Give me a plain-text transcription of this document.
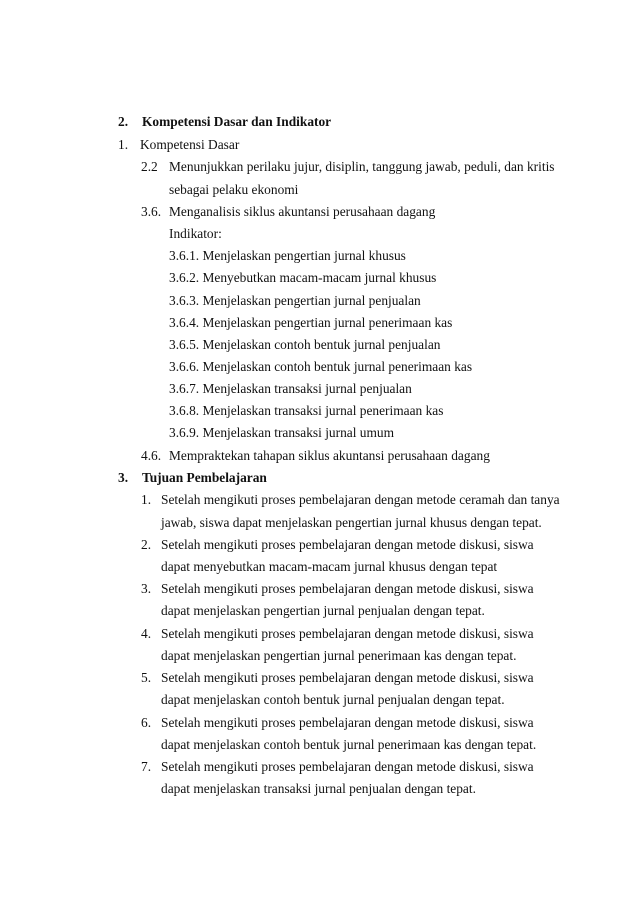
2. Kompetensi Dasar dan Indikator
1. Kompetensi Dasar
2.2 Menunjukkan perilaku jujur, disiplin, tanggung jawab, peduli, dan kritis
sebagai pelaku ekonomi
3.6. Menganalisis siklus akuntansi perusahaan dagang
Indikator:
3.6.1. Menjelaskan pengertian jurnal khusus
3.6.2. Menyebutkan macam-macam jurnal khusus
3.6.3. Menjelaskan pengertian jurnal penjualan
3.6.4. Menjelaskan pengertian jurnal penerimaan kas
3.6.5. Menjelaskan contoh bentuk jurnal penjualan
3.6.6. Menjelaskan contoh bentuk jurnal penerimaan kas
3.6.7. Menjelaskan transaksi jurnal penjualan
3.6.8. Menjelaskan transaksi jurnal penerimaan kas
3.6.9. Menjelaskan transaksi jurnal umum
4.6. Mempraktekan tahapan siklus akuntansi perusahaan dagang
3. Tujuan Pembelajaran
1. Setelah mengikuti proses pembelajaran dengan metode ceramah dan tanya
jawab, siswa dapat menjelaskan pengertian jurnal khusus dengan tepat.
2. Setelah mengikuti proses pembelajaran dengan metode diskusi, siswa
dapat menyebutkan macam-macam jurnal khusus dengan tepat
3. Setelah mengikuti proses pembelajaran dengan metode diskusi, siswa
dapat menjelaskan pengertian jurnal penjualan dengan tepat.
4. Setelah mengikuti proses pembelajaran dengan metode diskusi, siswa
dapat menjelaskan pengertian jurnal penerimaan kas dengan tepat.
5. Setelah mengikuti proses pembelajaran dengan metode diskusi, siswa
dapat menjelaskan contoh bentuk jurnal penjualan dengan tepat.
6. Setelah mengikuti proses pembelajaran dengan metode diskusi, siswa
dapat menjelaskan contoh bentuk jurnal penerimaan kas dengan tepat.
7. Setelah mengikuti proses pembelajaran dengan metode diskusi, siswa
dapat menjelaskan transaksi jurnal penjualan dengan tepat.
